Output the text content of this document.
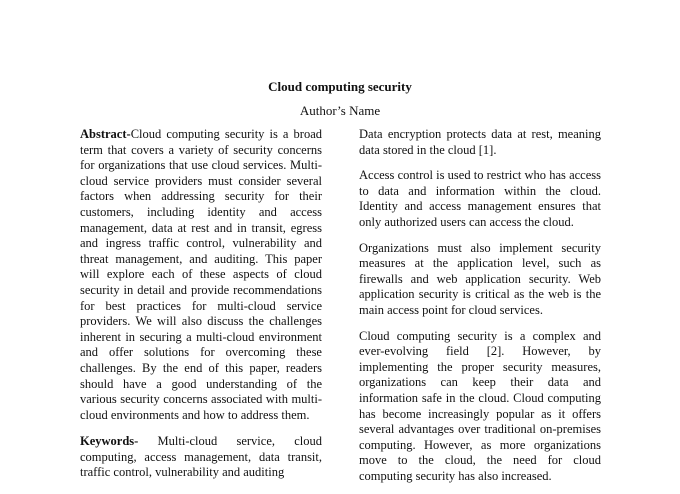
Cloud computing security
Author’s Name

Abstract-Cloud computing security is a broad term that covers a variety of security concerns for organizations that use cloud services. Multi-cloud service providers must consider several factors when addressing security for their customers, including identity and access management, data at rest and in transit, egress and ingress traffic control, vulnerability and threat management, and auditing. This paper will explore each of these aspects of cloud security in detail and provide recommendations for best practices for multi-cloud service providers. We will also discuss the challenges inherent in securing a multi-cloud environment and offer solutions for overcoming these challenges. By the end of this paper, readers should have a good understanding of the various security concerns associated with multi-cloud environments and how to address them.

Keywords- Multi-cloud service, cloud computing, access management, data transit, traffic control, vulnerability and auditing

Data encryption protects data at rest, meaning data stored in the cloud [1].

Access control is used to restrict who has access to data and information within the cloud. Identity and access management ensures that only authorized users can access the cloud.

Organizations must also implement security measures at the application level, such as firewalls and web application security. Web application security is critical as the web is the main access point for cloud services.

Cloud computing security is a complex and ever-evolving field [2]. However, by implementing the proper security measures, organizations can keep their data and information safe in the cloud. Cloud computing has become increasingly popular as it offers several advantages over traditional on-premises computing. However, as more organizations move to the cloud, the need for cloud computing security has also increased.
